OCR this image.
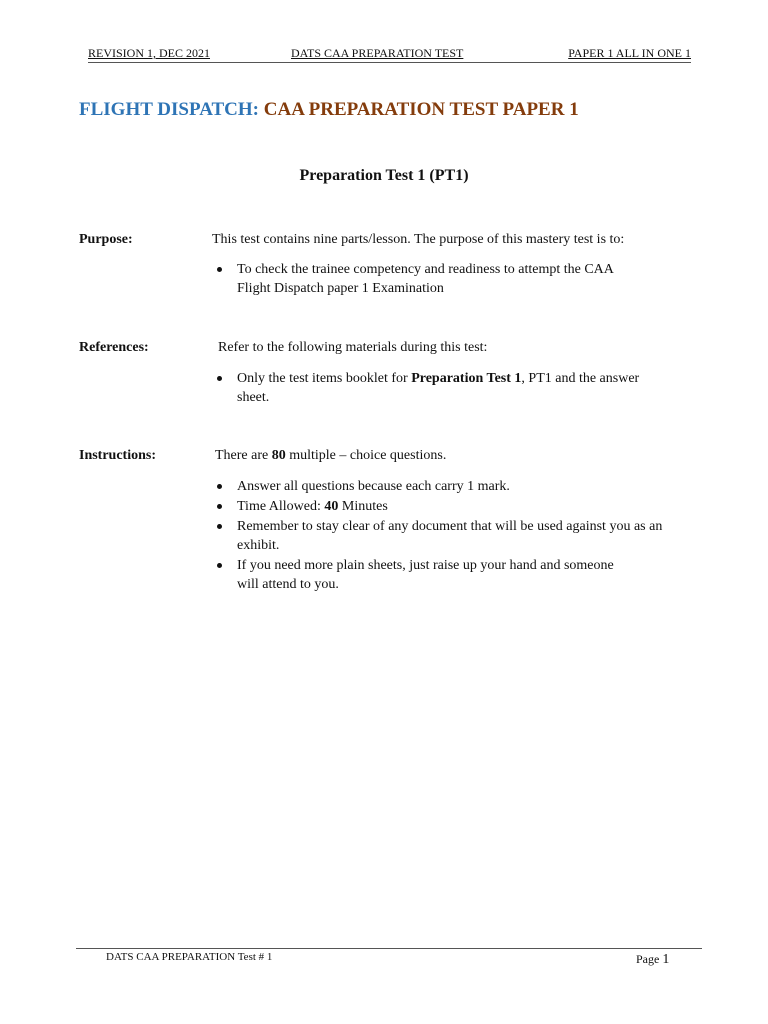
REVISION 1, DEC 2021	DATS CAA PREPARATION TEST	PAPER 1 ALL IN ONE 1
FLIGHT DISPATCH: CAA PREPARATION TEST PAPER 1
Preparation Test 1 (PT1)
Purpose:	This test contains nine parts/lesson. The purpose of this mastery test is to:
To check the trainee competency and readiness to attempt the CAA
Flight Dispatch paper 1 Examination
References:	Refer to the following materials during this test:
Only the test items booklet for Preparation Test 1, PT1 and the answer
sheet.
Instructions:	There are 80 multiple – choice questions.
Answer all questions because each carry 1 mark.
Time Allowed: 40 Minutes
Remember to stay clear of any document that will be used against you as an exhibit.
If you need more plain sheets, just raise up your hand and someone
will attend to you.
DATS CAA PREPARATION Test # 1	Page 1
